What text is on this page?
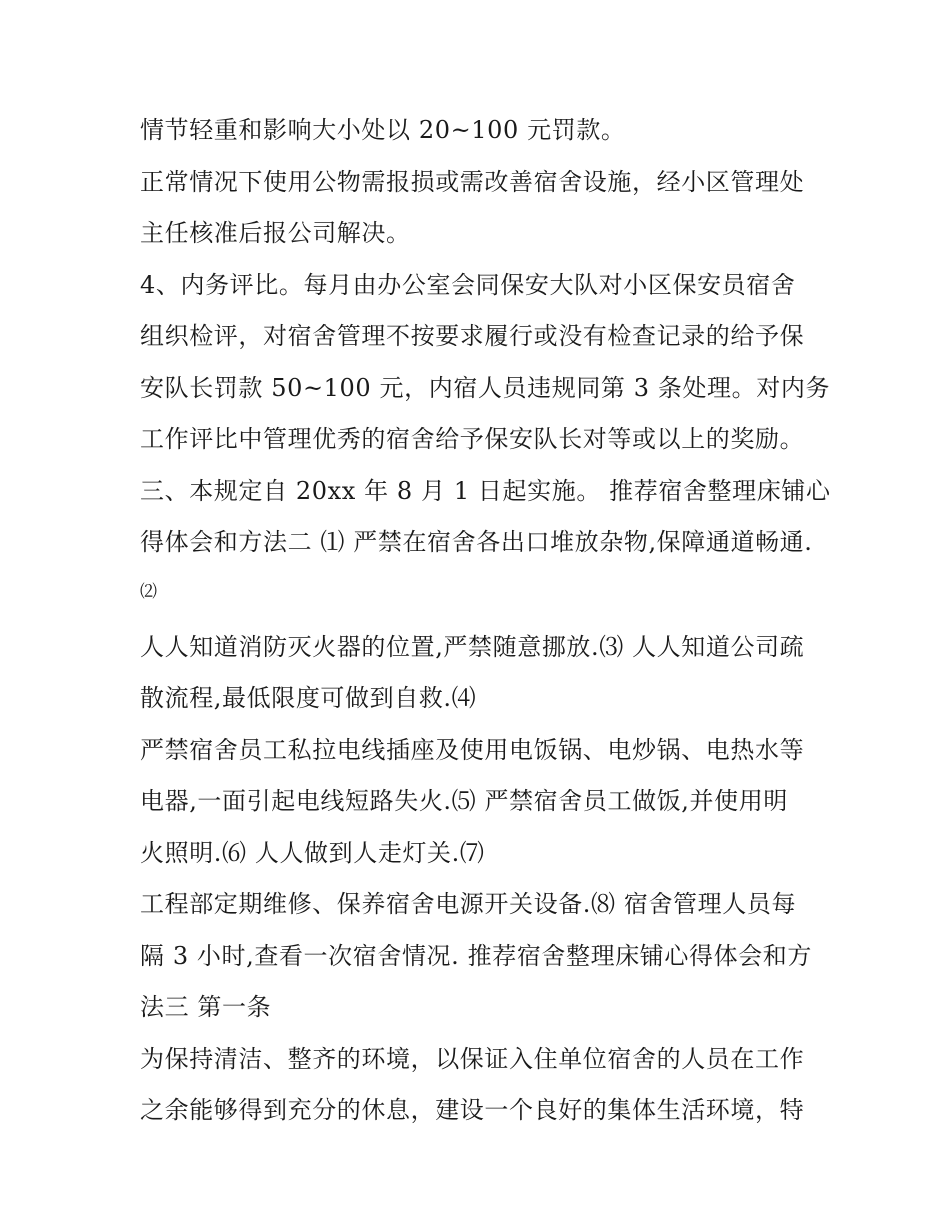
情节轻重和影响大小处以 20~100 元罚款。
正常情况下使用公物需报损或需改善宿舍设施，经小区管理处
主任核准后报公司解决。
4、内务评比。每月由办公室会同保安大队对小区保安员宿舍
组织检评，对宿舍管理不按要求履行或没有检查记录的给予保
安队长罚款 50~100 元，内宿人员违规同第 3 条处理。对内务
工作评比中管理优秀的宿舍给予保安队长对等或以上的奖励。
三、本规定自 20xx 年 8 月 1 日起实施。 推荐宿舍整理床铺心
得体会和方法二 ⑴ 严禁在宿舍各出口堆放杂物,保障通道畅通.
⑵
人人知道消防灭火器的位置,严禁随意挪放.⑶ 人人知道公司疏
散流程,最低限度可做到自救.⑷
严禁宿舍员工私拉电线插座及使用电饭锅、电炒锅、电热水等
电器,一面引起电线短路失火.⑸ 严禁宿舍员工做饭,并使用明
火照明.⑹ 人人做到人走灯关.⑺
工程部定期维修、保养宿舍电源开关设备.⑻ 宿舍管理人员每
隔 3 小时,查看一次宿舍情况. 推荐宿舍整理床铺心得体会和方
法三 第一条
为保持清洁、整齐的环境，以保证入住单位宿舍的人员在工作
之余能够得到充分的休息，建设一个良好的集体生活环境，特
